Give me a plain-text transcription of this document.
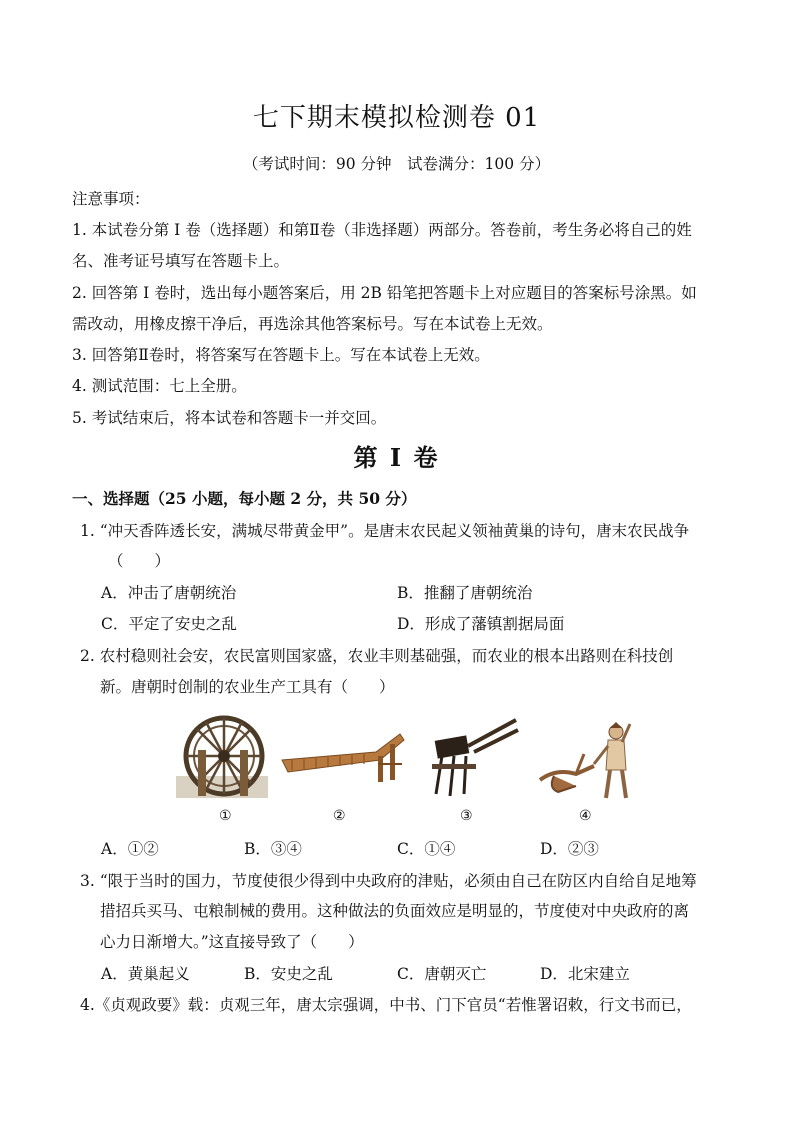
七下期末模拟检测卷 01
（考试时间：90 分钟　试卷满分：100 分）
注意事项：
1. 本试卷分第 I 卷（选择题）和第Ⅱ卷（非选择题）两部分。答卷前，考生务必将自己的姓
名、准考证号填写在答题卡上。
2. 回答第 I 卷时，选出每小题答案后，用 2B 铅笔把答题卡上对应题目的答案标号涂黑。如
需改动，用橡皮擦干净后，再选涂其他答案标号。写在本试卷上无效。
3. 回答第Ⅱ卷时，将答案写在答题卡上。写在本试卷上无效。
4. 测试范围：七上全册。
5. 考试结束后，将本试卷和答题卡一并交回。
第 I 卷
一、选择题（25 小题，每小题 2 分，共 50 分）
1. “冲天香阵透长安，满城尽带黄金甲”。是唐末农民起义领袖黄巢的诗句，唐末农民战争
（　　）
A．冲击了唐朝统治	B．推翻了唐朝统治
C．平定了安史之乱	D．形成了藩镇割据局面
2. 农村稳则社会安，农民富则国家盛，农业丰则基础强，而农业的根本出路则在科技创
新。唐朝时创制的农业生产工具有（　　）
①	②	③	④
A．①②	B．③④	C．①④	D．②③
3. “限于当时的国力，节度使很少得到中央政府的津贴，必须由自己在防区内自给自足地筹
措招兵买马、屯粮制械的费用。这种做法的负面效应是明显的，节度使对中央政府的离
心力日渐增大。”这直接导致了（　　）
A．黄巢起义	B．安史之乱	C．唐朝灭亡	D．北宋建立
4.《贞观政要》载：贞观三年，唐太宗强调，中书、门下官员“若惟署诏敕，行文书而已，
